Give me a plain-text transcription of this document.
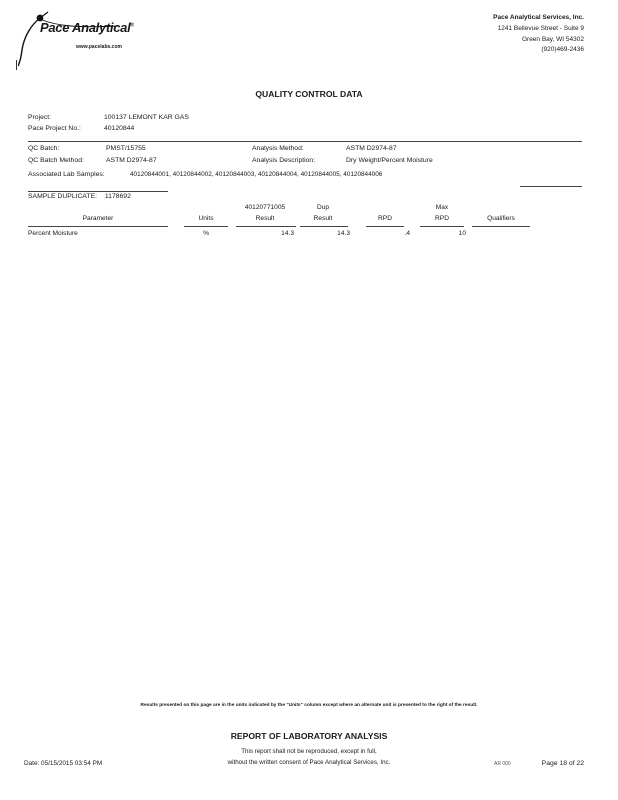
Pace Analytical®
www.pacelabs.com
Pace Analytical Services, Inc.
1241 Bellevue Street - Suite 9
Green Bay, WI 54302
(920)469-2436
QUALITY CONTROL DATA
Project:	100137 LEMONT KAR GAS
Pace Project No.:	40120844
QC Batch:	PMST/15755	Analysis Method:	ASTM D2974-87
QC Batch Method:	ASTM D2974-87	Analysis Description:	Dry Weight/Percent Moisture
Associated Lab Samples:	40120844001, 40120844002, 40120844003, 40120844004, 40120844005, 40120844006
SAMPLE DUPLICATE: 1178692
40120771005	Dup	Max
Parameter	Units	Result	Result	RPD	RPD	Qualifiers
Percent Moisture	%	14.3	14.3	.4	10
Results presented on this page are in the units indicated by the "Units" column except where an alternate unit is presented to the right of the result.
REPORT OF LABORATORY ANALYSIS
This report shall not be reproduced, except in full,
without the written consent of Pace Analytical Services, Inc.
Date: 05/15/2015 03:54 PM	AR 000	Page 18 of 22
